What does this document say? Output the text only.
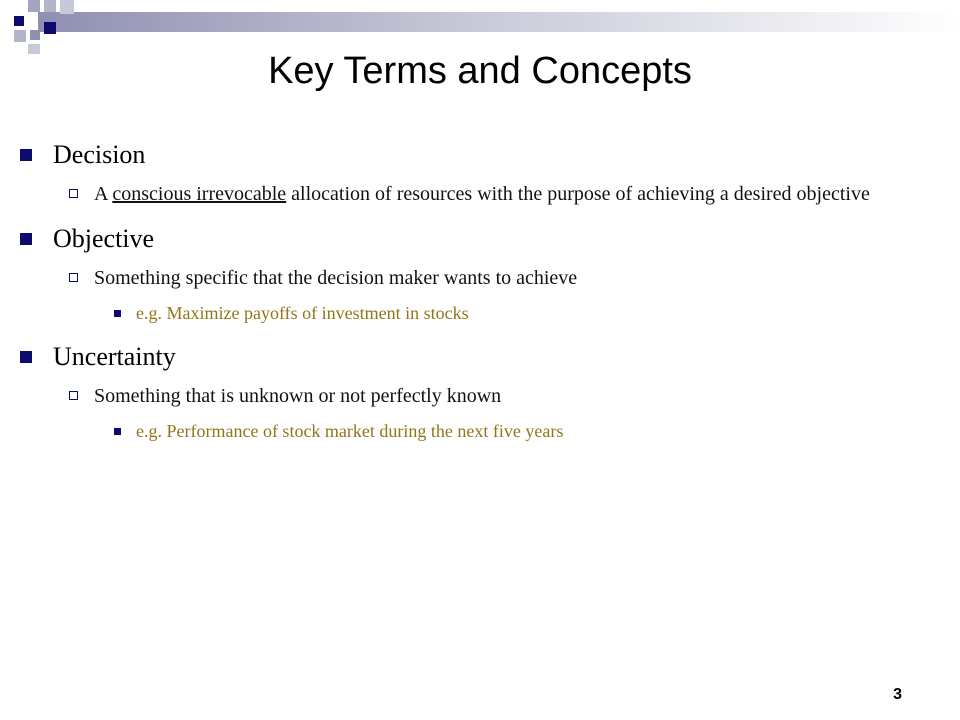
Key Terms and Concepts
Decision
A conscious irrevocable allocation of resources with the purpose of achieving a desired objective
Objective
Something specific that the decision maker wants to achieve
e.g. Maximize payoffs of investment in stocks
Uncertainty
Something that is unknown or not perfectly known
e.g. Performance of stock market during the next five years
3
